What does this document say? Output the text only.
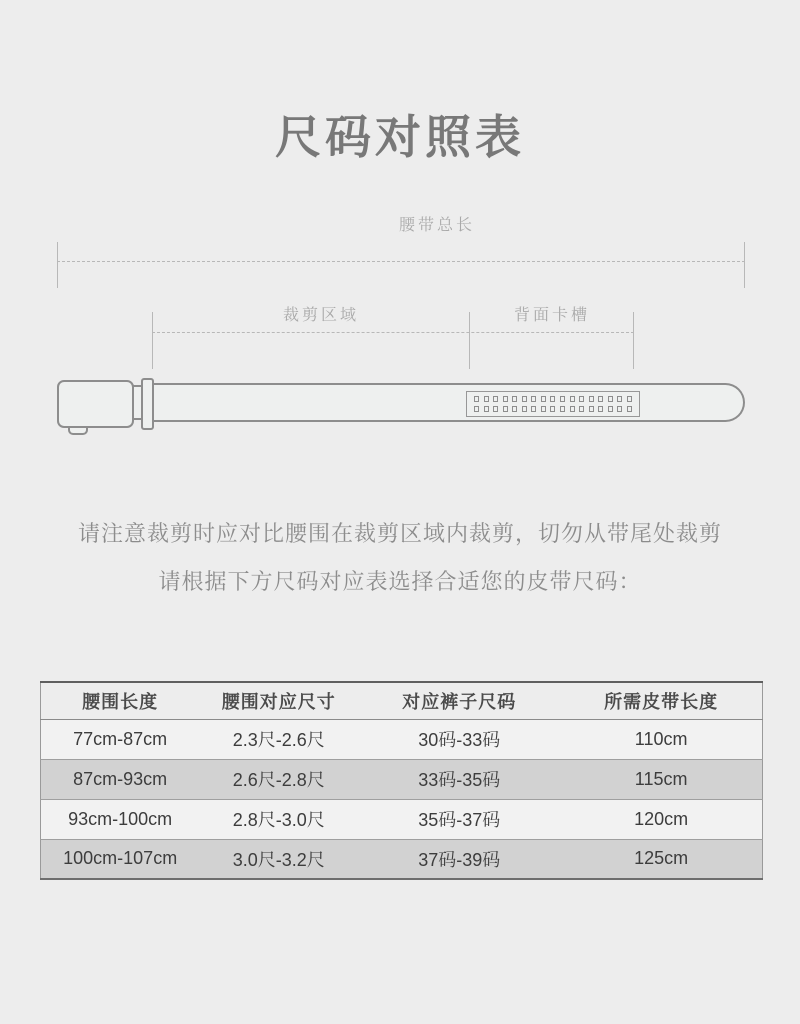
尺码对照表
腰带总长
裁剪区域	背面卡槽
请注意裁剪时应对比腰围在裁剪区域内裁剪，切勿从带尾处裁剪
请根据下方尺码对应表选择合适您的皮带尺码：
腰围长度	腰围对应尺寸	对应裤子尺码	所需皮带长度
77cm-87cm	2.3尺-2.6尺	30码-33码	110cm
87cm-93cm	2.6尺-2.8尺	33码-35码	115cm
93cm-100cm	2.8尺-3.0尺	35码-37码	120cm
100cm-107cm	3.0尺-3.2尺	37码-39码	125cm
